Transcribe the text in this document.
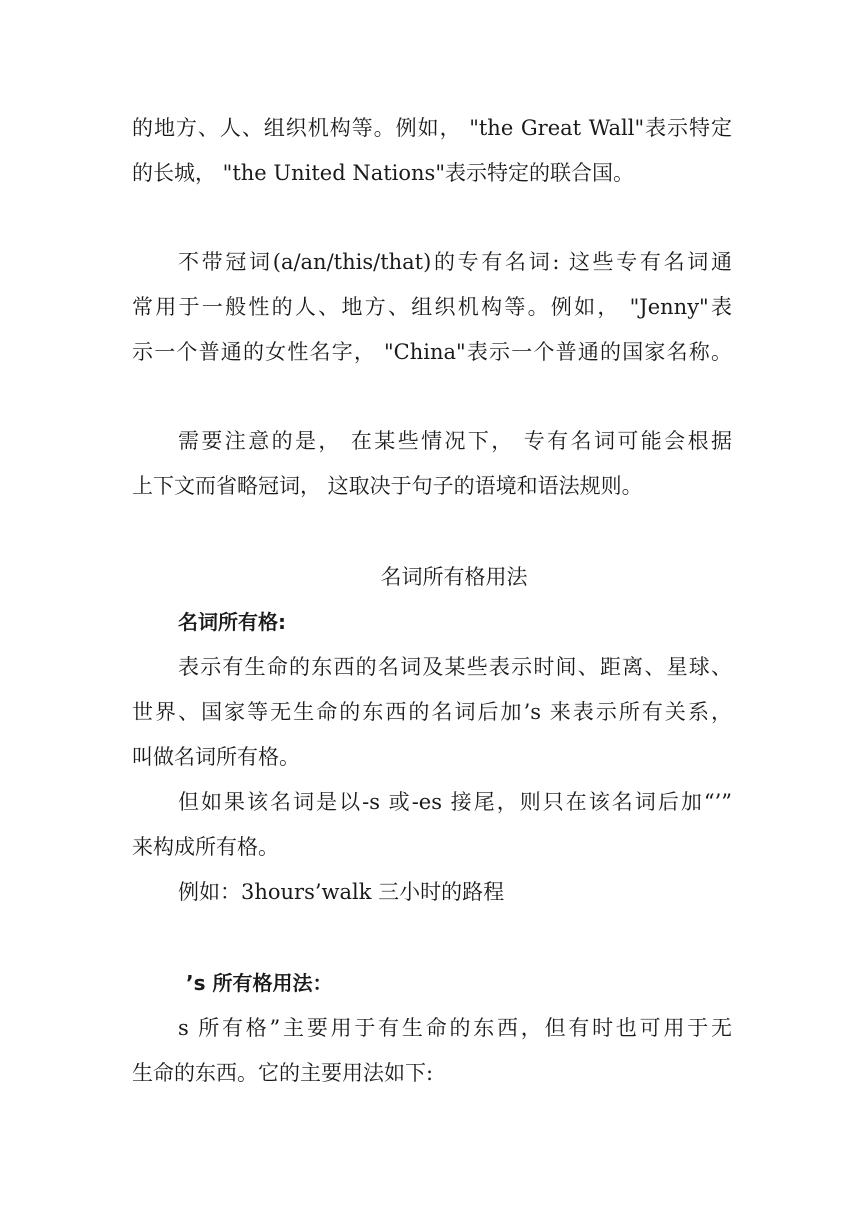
的地方、人、组织机构等。例如， "the Great Wall"表示特定
的长城， "the United Nations"表示特定的联合国。
不带冠词(a/an/this/that)的专有名词: 这些专有名词通
常用于一般性的人、地方、组织机构等。例如， "Jenny"表
示一个普通的女性名字， "China"表示一个普通的国家名称。
需要注意的是， 在某些情况下， 专有名词可能会根据
上下文而省略冠词， 这取决于句子的语境和语法规则。
名词所有格用法
名词所有格:
表示有生命的东西的名词及某些表示时间、距离、星球、
世界、国家等无生命的东西的名词后加’s 来表示所有关系，
叫做名词所有格。
但如果该名词是以-s 或-es 接尾，则只在该名词后加“’”
来构成所有格。
例如：3hours’walk 三小时的路程
’s 所有格用法：
s 所有格”主要用于有生命的东西，但有时也可用于无
生命的东西。它的主要用法如下:
